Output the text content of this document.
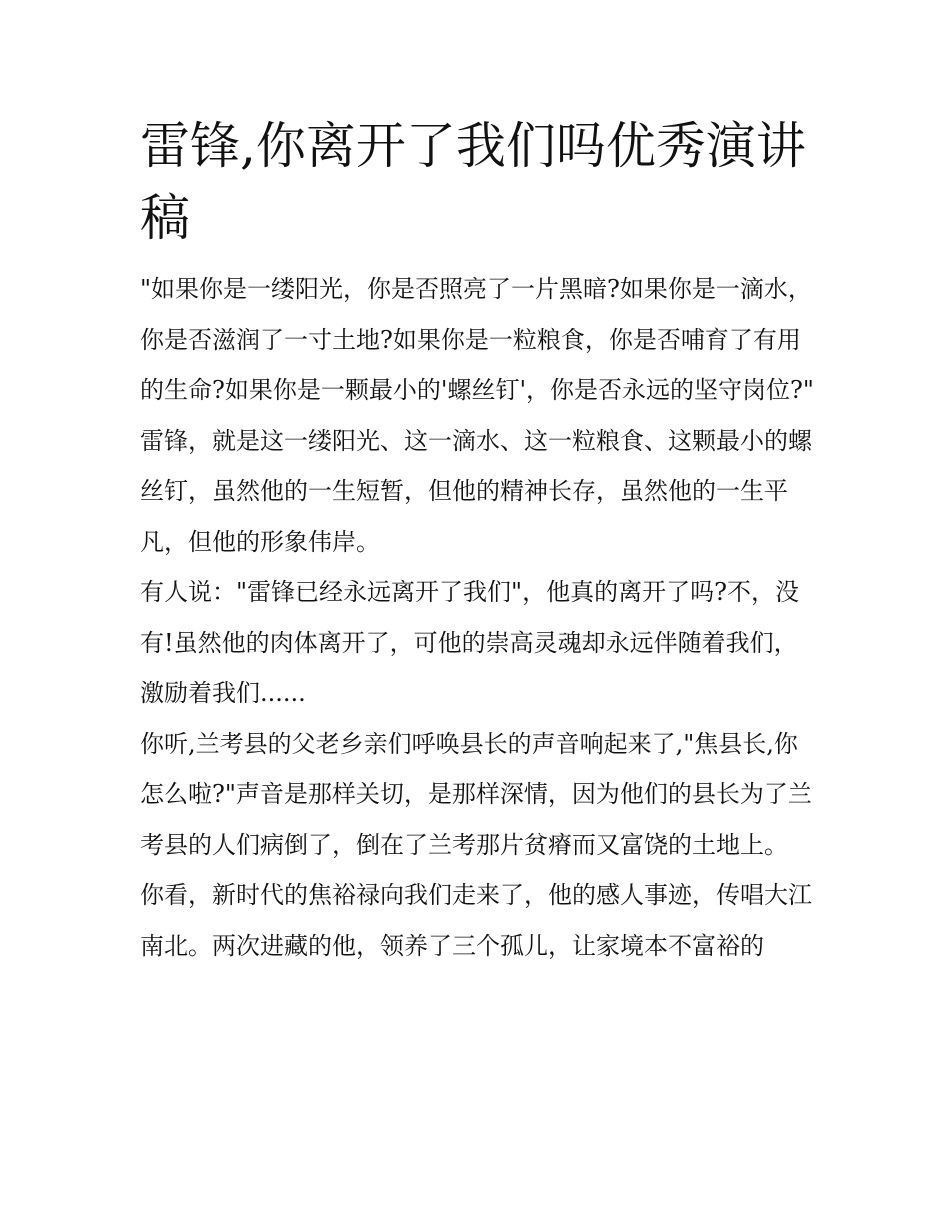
雷锋,你离开了我们吗优秀演讲稿

"如果你是一缕阳光，你是否照亮了一片黑暗?如果你是一滴水，你是否滋润了一寸土地?如果你是一粒粮食，你是否哺育了有用的生命?如果你是一颗最小的'螺丝钉'，你是否永远的坚守岗位?"

雷锋，就是这一缕阳光、这一滴水、这一粒粮食、这颗最小的螺丝钉，虽然他的一生短暂，但他的精神长存，虽然他的一生平凡，但他的形象伟岸。

有人说："雷锋已经永远离开了我们"，他真的离开了吗?不，没有!虽然他的肉体离开了，可他的崇高灵魂却永远伴随着我们，激励着我们......

你听,兰考县的父老乡亲们呼唤县长的声音响起来了,"焦县长,你怎么啦?"声音是那样关切，是那样深情，因为他们的县长为了兰考县的人们病倒了，倒在了兰考那片贫瘠而又富饶的土地上。

你看，新时代的焦裕禄向我们走来了，他的感人事迹，传唱大江南北。两次进藏的他，领养了三个孤儿，让家境本不富裕的
